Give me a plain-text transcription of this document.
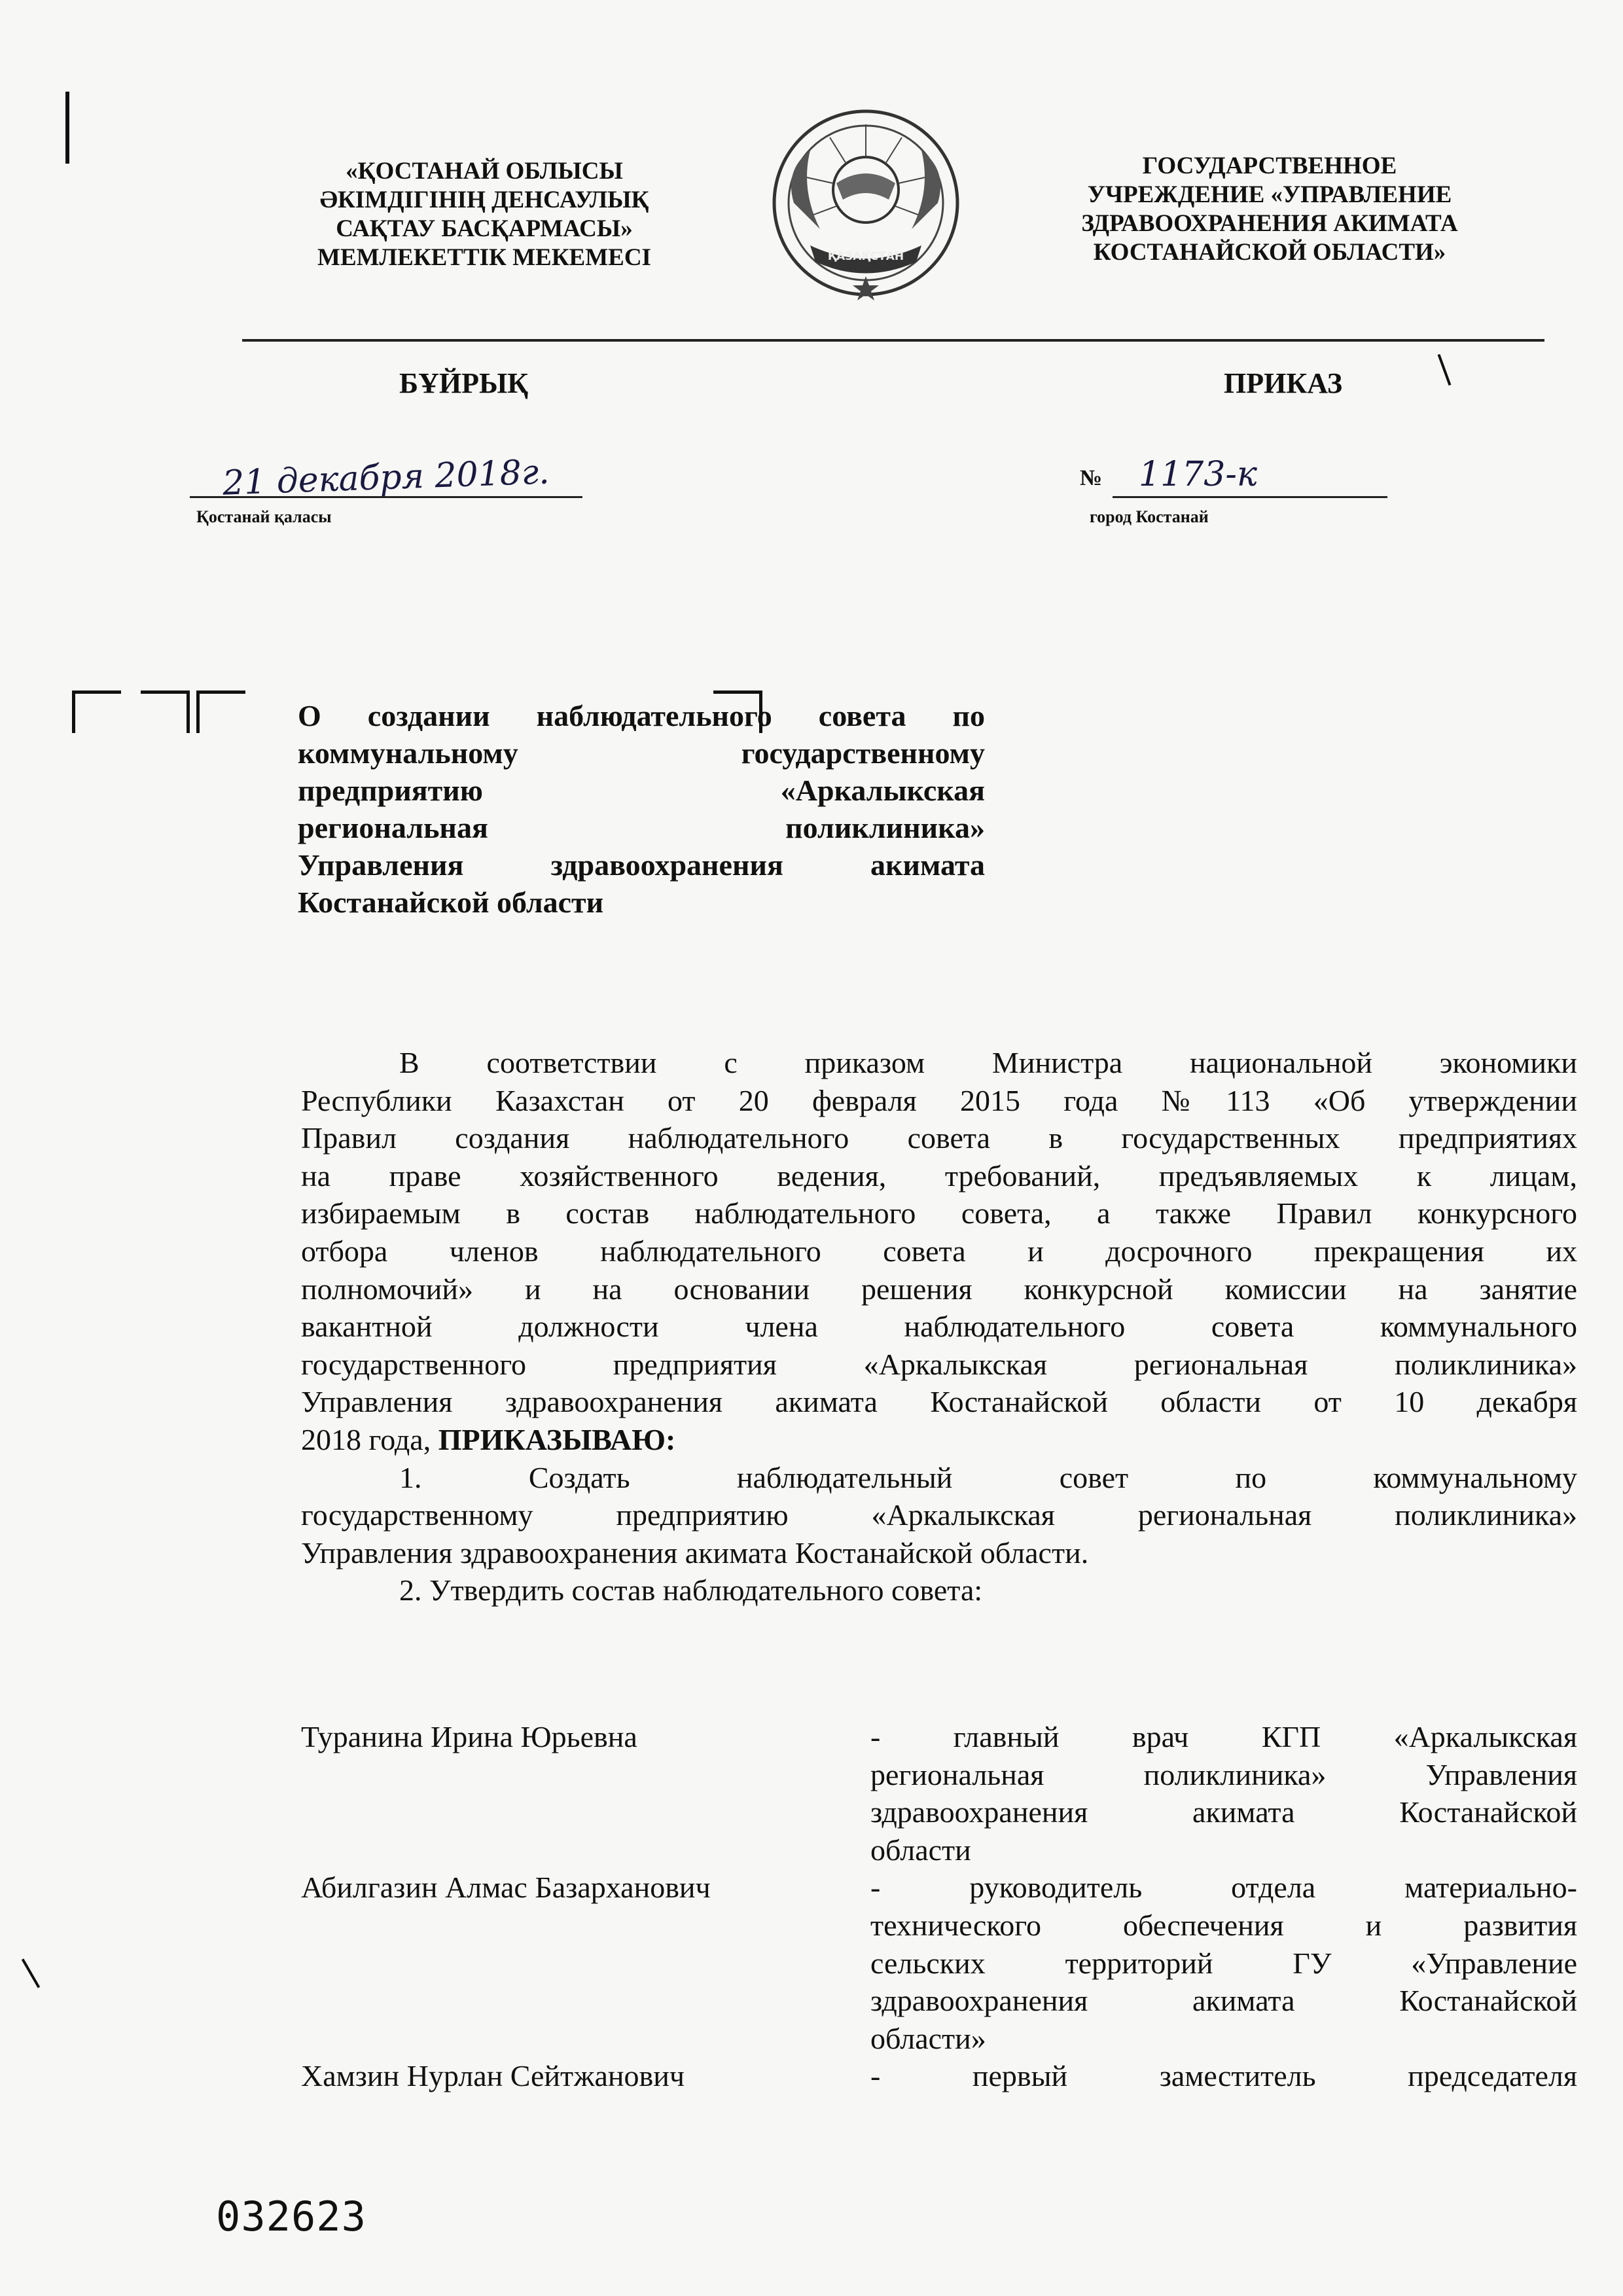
«ҚОСТАНАЙ ОБЛЫСЫ
ӘКІМДІГІНІҢ ДЕНСАУЛЫҚ
САҚТАУ БАСҚАРМАСЫ»
МЕМЛЕКЕТТІК МЕКЕМЕСІ	ҚАЗАҚСТАН
ГОСУДАРСТВЕННОЕ
УЧРЕЖДЕНИЕ «УПРАВЛЕНИЕ
ЗДРАВООХРАНЕНИЯ АКИМАТА
КОСТАНАЙСКОЙ ОБЛАСТИ»
БҰЙРЫҚ	ПРИКАЗ
21 декабря 2018г.
Қостанай қаласы
№ 1173-к
город Костанай
О создании наблюдательного совета по
коммунальному государственному
предприятию «Аркалыкская
региональная поликлиника»
Управления здравоохранения акимата
Костанайской области
В соответствии с приказом Министра национальной экономики
Республики Казахстан от 20 февраля 2015 года №113 «Об утверждении
Правил создания наблюдательного совета в государственных предприятиях
на праве хозяйственного ведения, требований, предъявляемых к лицам,
избираемым в состав наблюдательного совета, а также Правил конкурсного
отбора членов наблюдательного совета и досрочного прекращения их
полномочий» и на основании решения конкурсной комиссии на занятие
вакантной должности члена наблюдательного совета коммунального
государственного предприятия «Аркалыкская региональная поликлиника»
Управления здравоохранения акимата Костанайской области от 10 декабря
2018 года, ПРИКАЗЫВАЮ:
1. Создать наблюдательный совет по коммунальному
государственному предприятию «Аркалыкская региональная поликлиника»
Управления здравоохранения акимата Костанайской области.
2. Утвердить состав наблюдательного совета:
Туранина Ирина Юрьевна	- главный врач КГП «Аркалыкская
региональная поликлиника» Управления
здравоохранения акимата Костанайской
области
Абилгазин Алмас Базарханович	- руководитель отдела материально-
технического обеспечения и развития
сельских территорий ГУ «Управление
здравоохранения акимата Костанайской
области»
Хамзин Нурлан Сейтжанович	- первый заместитель председателя
032623
